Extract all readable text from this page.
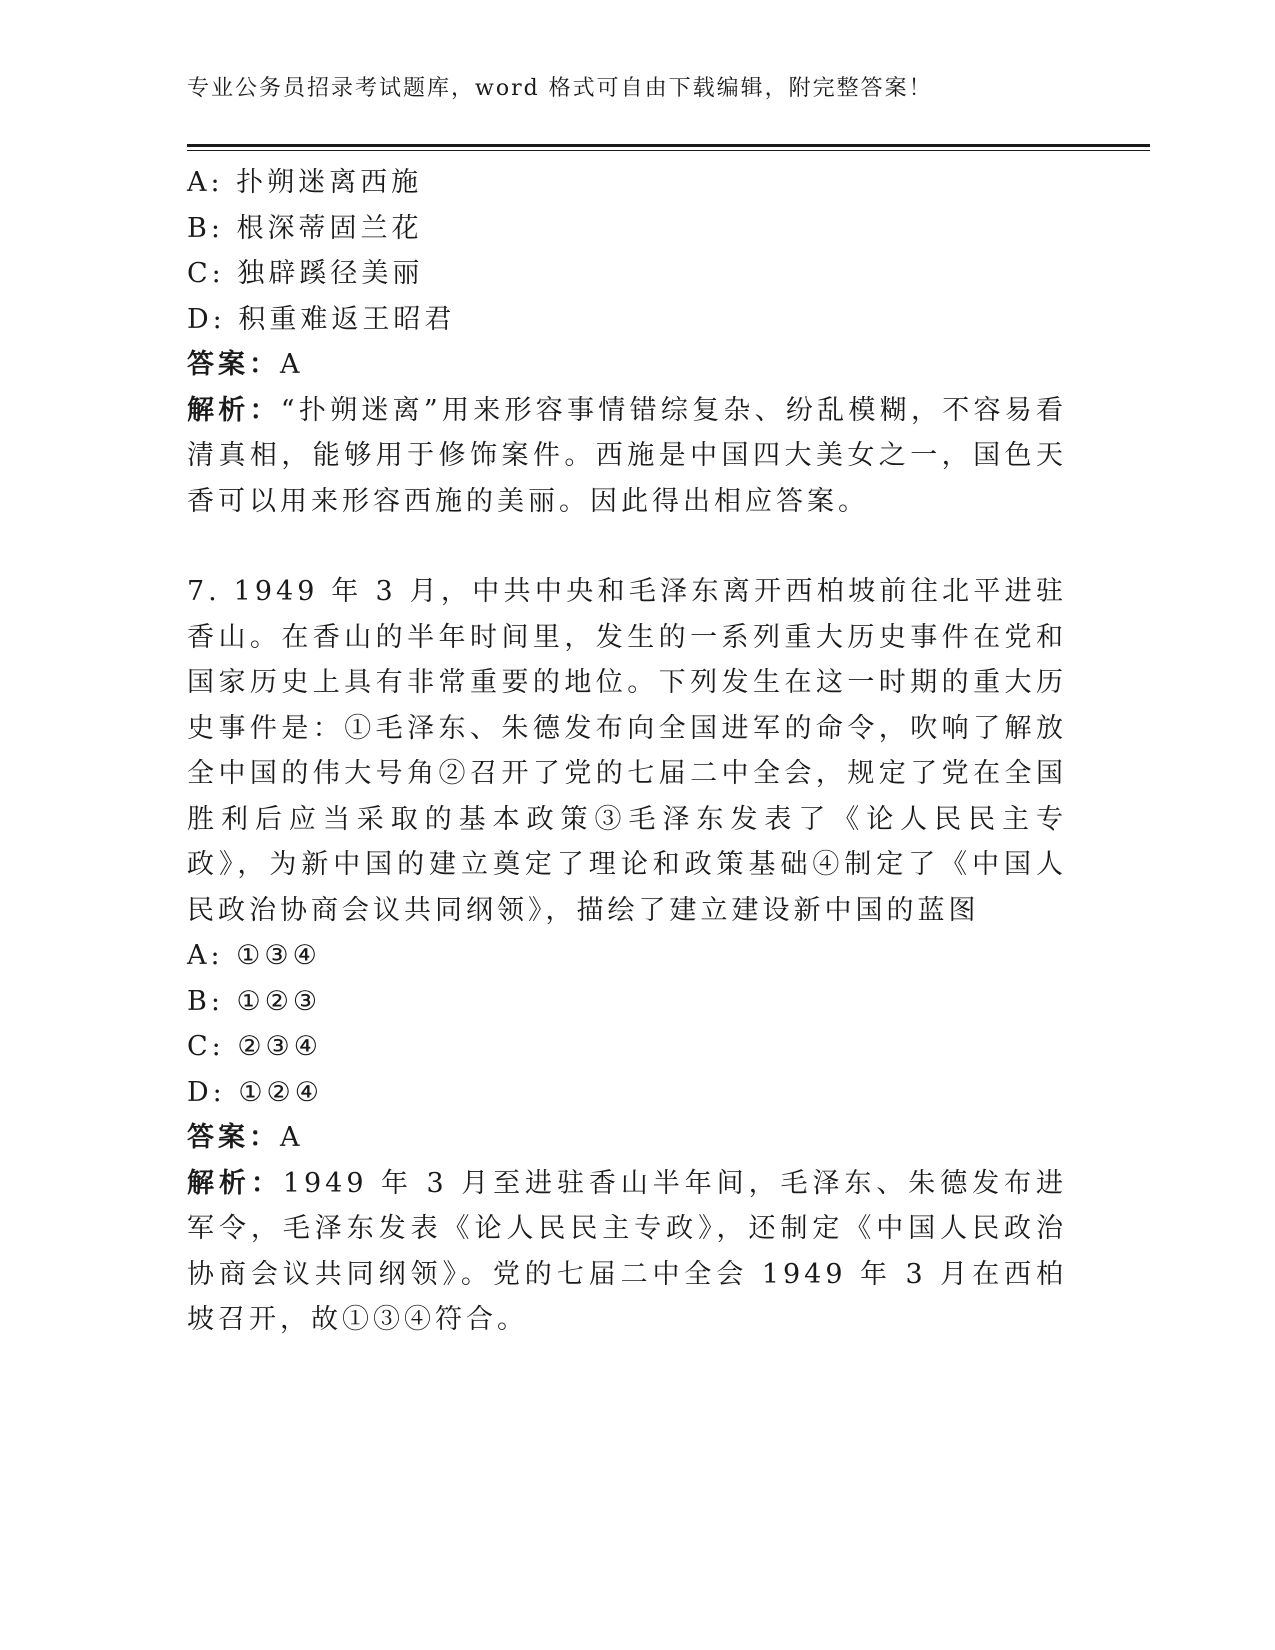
专业公务员招录考试题库，word 格式可自由下载编辑，附完整答案！

A: 扑朔迷离西施

B: 根深蒂固兰花

C: 独辟蹊径美丽

D: 积重难返王昭君

答案：A

解析：“扑朔迷离”用来形容事情错综复杂、纷乱模糊，不容易看清真相，能够用于修饰案件。西施是中国四大美女之一，国色天香可以用来形容西施的美丽。因此得出相应答案。

7. 1949 年 3 月，中共中央和毛泽东离开西柏坡前往北平进驻香山。在香山的半年时间里，发生的一系列重大历史事件在党和国家历史上具有非常重要的地位。下列发生在这一时期的重大历史事件是：①毛泽东、朱德发布向全国进军的命令，吹响了解放全中国的伟大号角②召开了党的七届二中全会，规定了党在全国胜利后应当采取的基本政策③毛泽东发表了《论人民民主专政》，为新中国的建立奠定了理论和政策基础④制定了《中国人民政治协商会议共同纲领》，描绘了建立建设新中国的蓝图

A: ①③④

B: ①②③

C: ②③④

D: ①②④

答案：A

解析：1949 年 3 月至进驻香山半年间，毛泽东、朱德发布进军令，毛泽东发表《论人民民主专政》，还制定《中国人民政治协商会议共同纲领》。党的七届二中全会 1949 年 3 月在西柏坡召开，故①③④符合。
